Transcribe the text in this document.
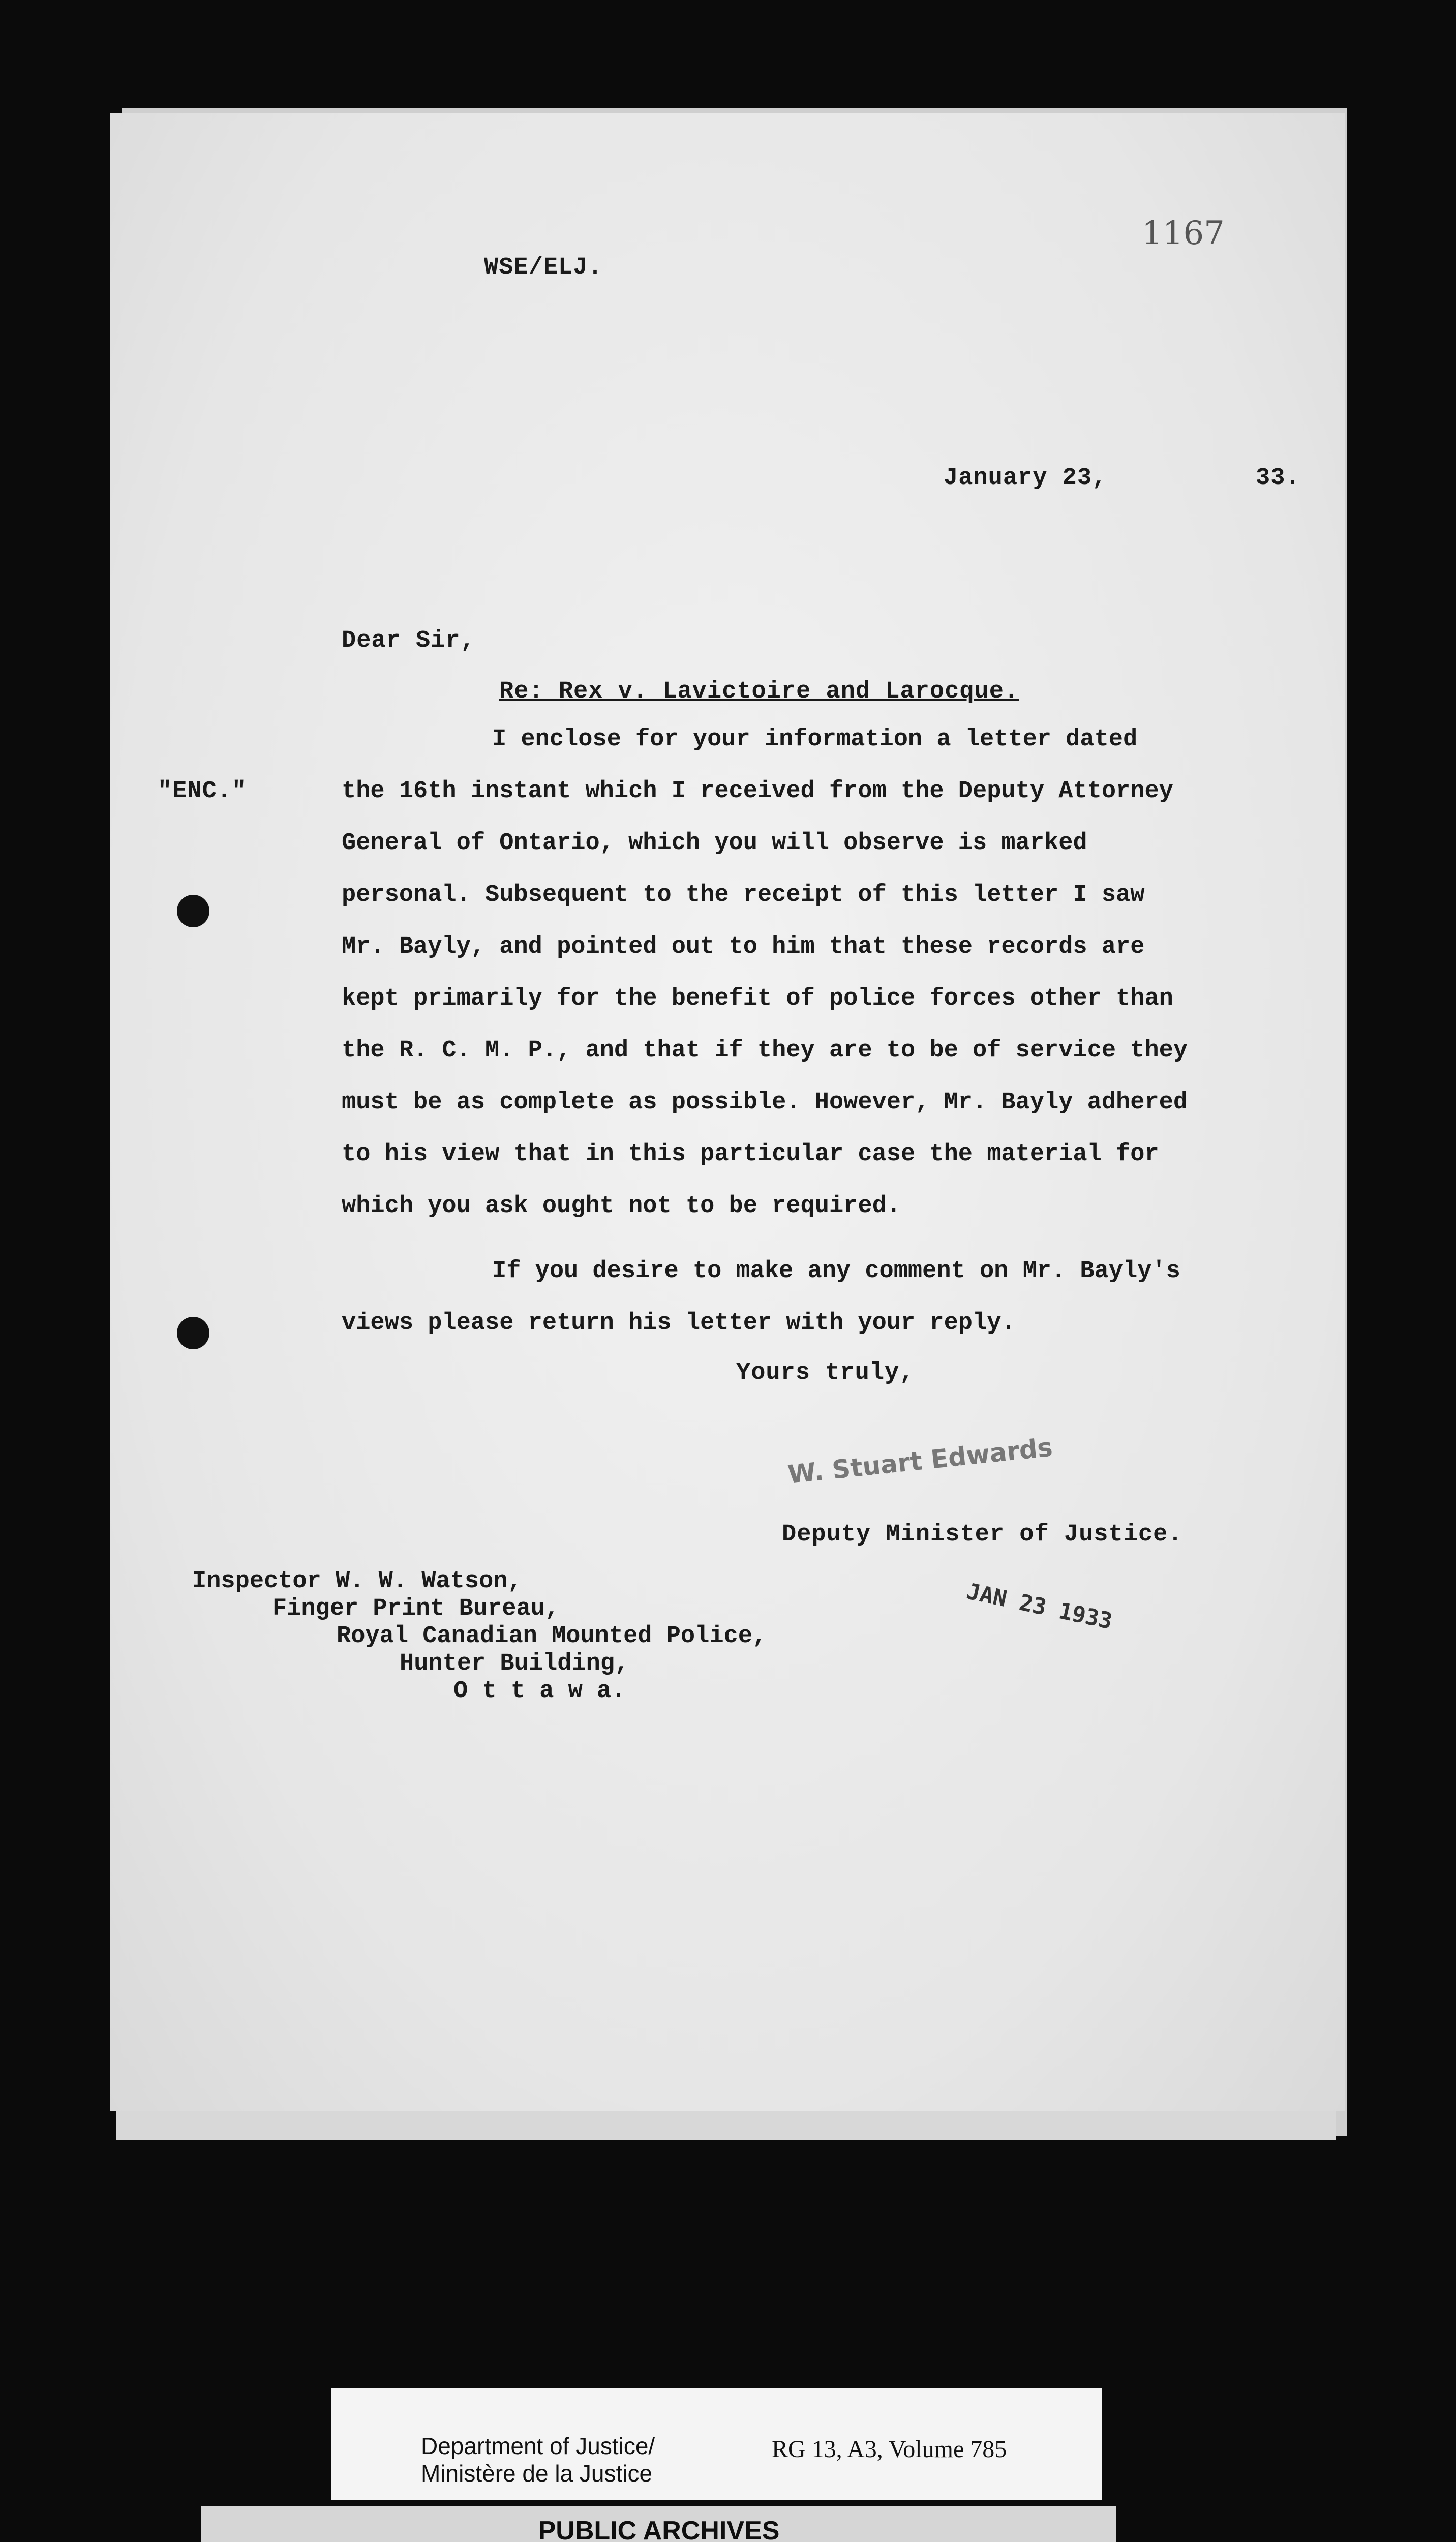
1167
WSE/ELJ.
January 23,	33.
Dear Sir,
Re: Rex v. Lavictoire and Larocque.
"ENC."
I enclose for your information a letter dated
the 16th instant which I received from the Deputy Attorney
General of Ontario, which you will observe is marked
personal. Subsequent to the receipt of this letter I saw
Mr. Bayly, and pointed out to him that these records are
kept primarily for the benefit of police forces other than
the R. C. M. P., and that if they are to be of service they
must be as complete as possible. However, Mr. Bayly adhered
to his view that in this particular case the material for
which you ask ought not to be required.
If you desire to make any comment on Mr. Bayly's
views please return his letter with your reply.
Yours truly,
W. Stuart Edwards
Deputy Minister of Justice.
JAN 23 1933
Inspector W. W. Watson,
Finger Print Bureau,
Royal Canadian Mounted Police,
Hunter Building,
O t t a w a.
Department of Justice/
Ministère de la Justice
RG 13, A3, Volume 785
PUBLIC ARCHIVES
